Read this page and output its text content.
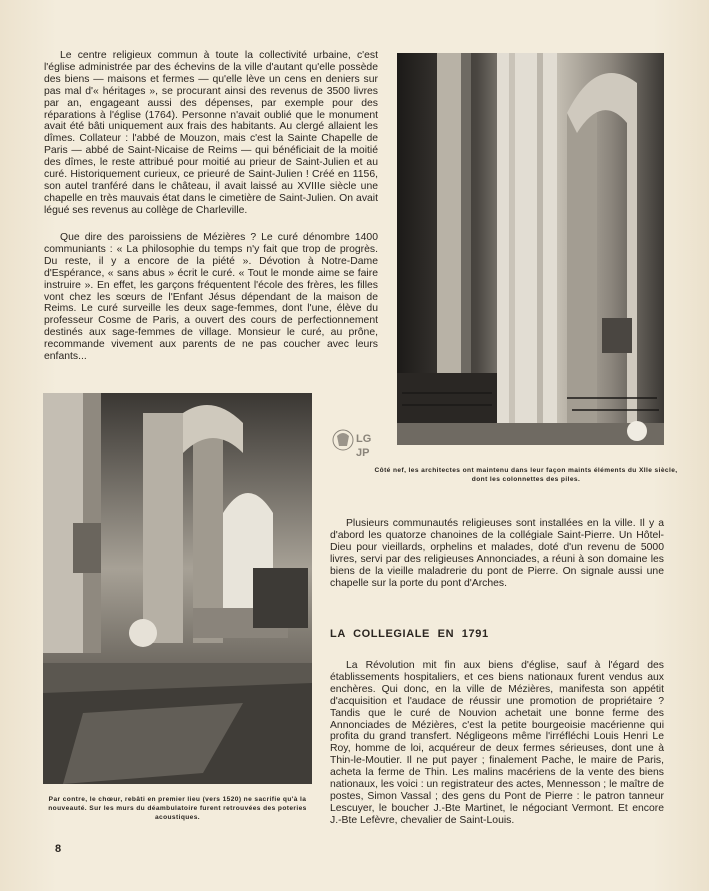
Le centre religieux commun à toute la collectivité urbaine, c'est l'église administrée par des échevins de la ville d'autant qu'elle possède des biens — maisons et fermes — qu'elle lève un cens en deniers sur pas mal d'« héritages », se procurant ainsi des revenus de 3500 livres par an, engageant aussi des dépenses, par exemple pour des réparations à l'église (1764). Personne n'avait oublié que le monument avait été bâti uniquement aux frais des habitants. Au clergé allaient les dîmes. Collateur : l'abbé de Mouzon, mais c'est la Sainte Chapelle de Paris — abbé de Saint-Nicaise de Reims — qui bénéficiait de la moitié des dîmes, le reste attribué pour moitié au prieur de Saint-Julien et au curé. Historiquement curieux, ce prieuré de Saint-Julien ! Créé en 1156, son autel tranféré dans le château, il avait laissé au XVIIIe siècle une chapelle en très mauvais état dans le cimetière de Saint-Julien. On avait légué ses revenus au collège de Charleville.

Que dire des paroissiens de Mézières ? Le curé dénombre 1400 communiants : « La philosophie du temps n'y fait que trop de progrès. Du reste, il y a encore de la piété ». Dévotion à Notre-Dame d'Espérance, « sans abus » écrit le curé. « Tout le monde aime se faire instruire ». En effet, les garçons fréquentent l'école des frères, les filles vont chez les sœurs de l'Enfant Jésus dépendant de la maison de Reims. Le curé surveille les deux sage-femmes, dont l'une, élève du professeur Cosme de Paris, a ouvert des cours de perfectionnement destinés aux sage-femmes de village. Monsieur le curé, au prône, recommande vivement aux parents de ne pas coucher avec leurs enfants...

LG
JP

Côté nef, les architectes ont maintenu dans leur façon maints éléments du XIIe siècle, dont les colonnettes des piles.

Par contre, le chœur, rebâti en premier lieu (vers 1520) ne sacrifie qu'à la nouveauté. Sur les murs du déambulatoire furent retrouvées des poteries acoustiques.

Plusieurs communautés religieuses sont installées en la ville. Il y a d'abord les quatorze chanoines de la collégiale Saint-Pierre. Un Hôtel-Dieu pour vieillards, orphelins et malades, doté d'un revenu de 5000 livres, servi par des religieuses Annonciades, a réuni à son domaine les biens de la vieille maladrerie du pont de Pierre. On signale aussi une chapelle sur la porte du pont d'Arches.

LA COLLEGIALE EN 1791

La Révolution mit fin aux biens d'église, sauf à l'égard des établissements hospitaliers, et ces biens nationaux furent vendus aux enchères. Qui donc, en la ville de Mézières, manifesta son appétit d'acquisition et l'audace de réussir une promotion de propriétaire ? Tandis que le curé de Nouvion achetait une bonne ferme des Annonciades de Mézières, c'est la petite bourgeoisie macérienne qui profita du grand transfert. Négligeons même l'irréfléchi Louis Henri Le Roy, homme de loi, acquéreur de deux fermes sérieuses, dont une à Thin-le-Moutier. Il ne put payer ; finalement Pache, le maire de Paris, acheta la ferme de Thin. Les malins macériens de la vente des biens nationaux, les voici : un registrateur des actes, Mennesson ; le maître de postes, Simon Vassal ; des gens du Pont de Pierre : le patron tanneur Lescuyer, le boucher J.-Bte Martinet, le négociant Vermont. Et encore J.-Bte Lefèvre, chevalier de Saint-Louis.

8
